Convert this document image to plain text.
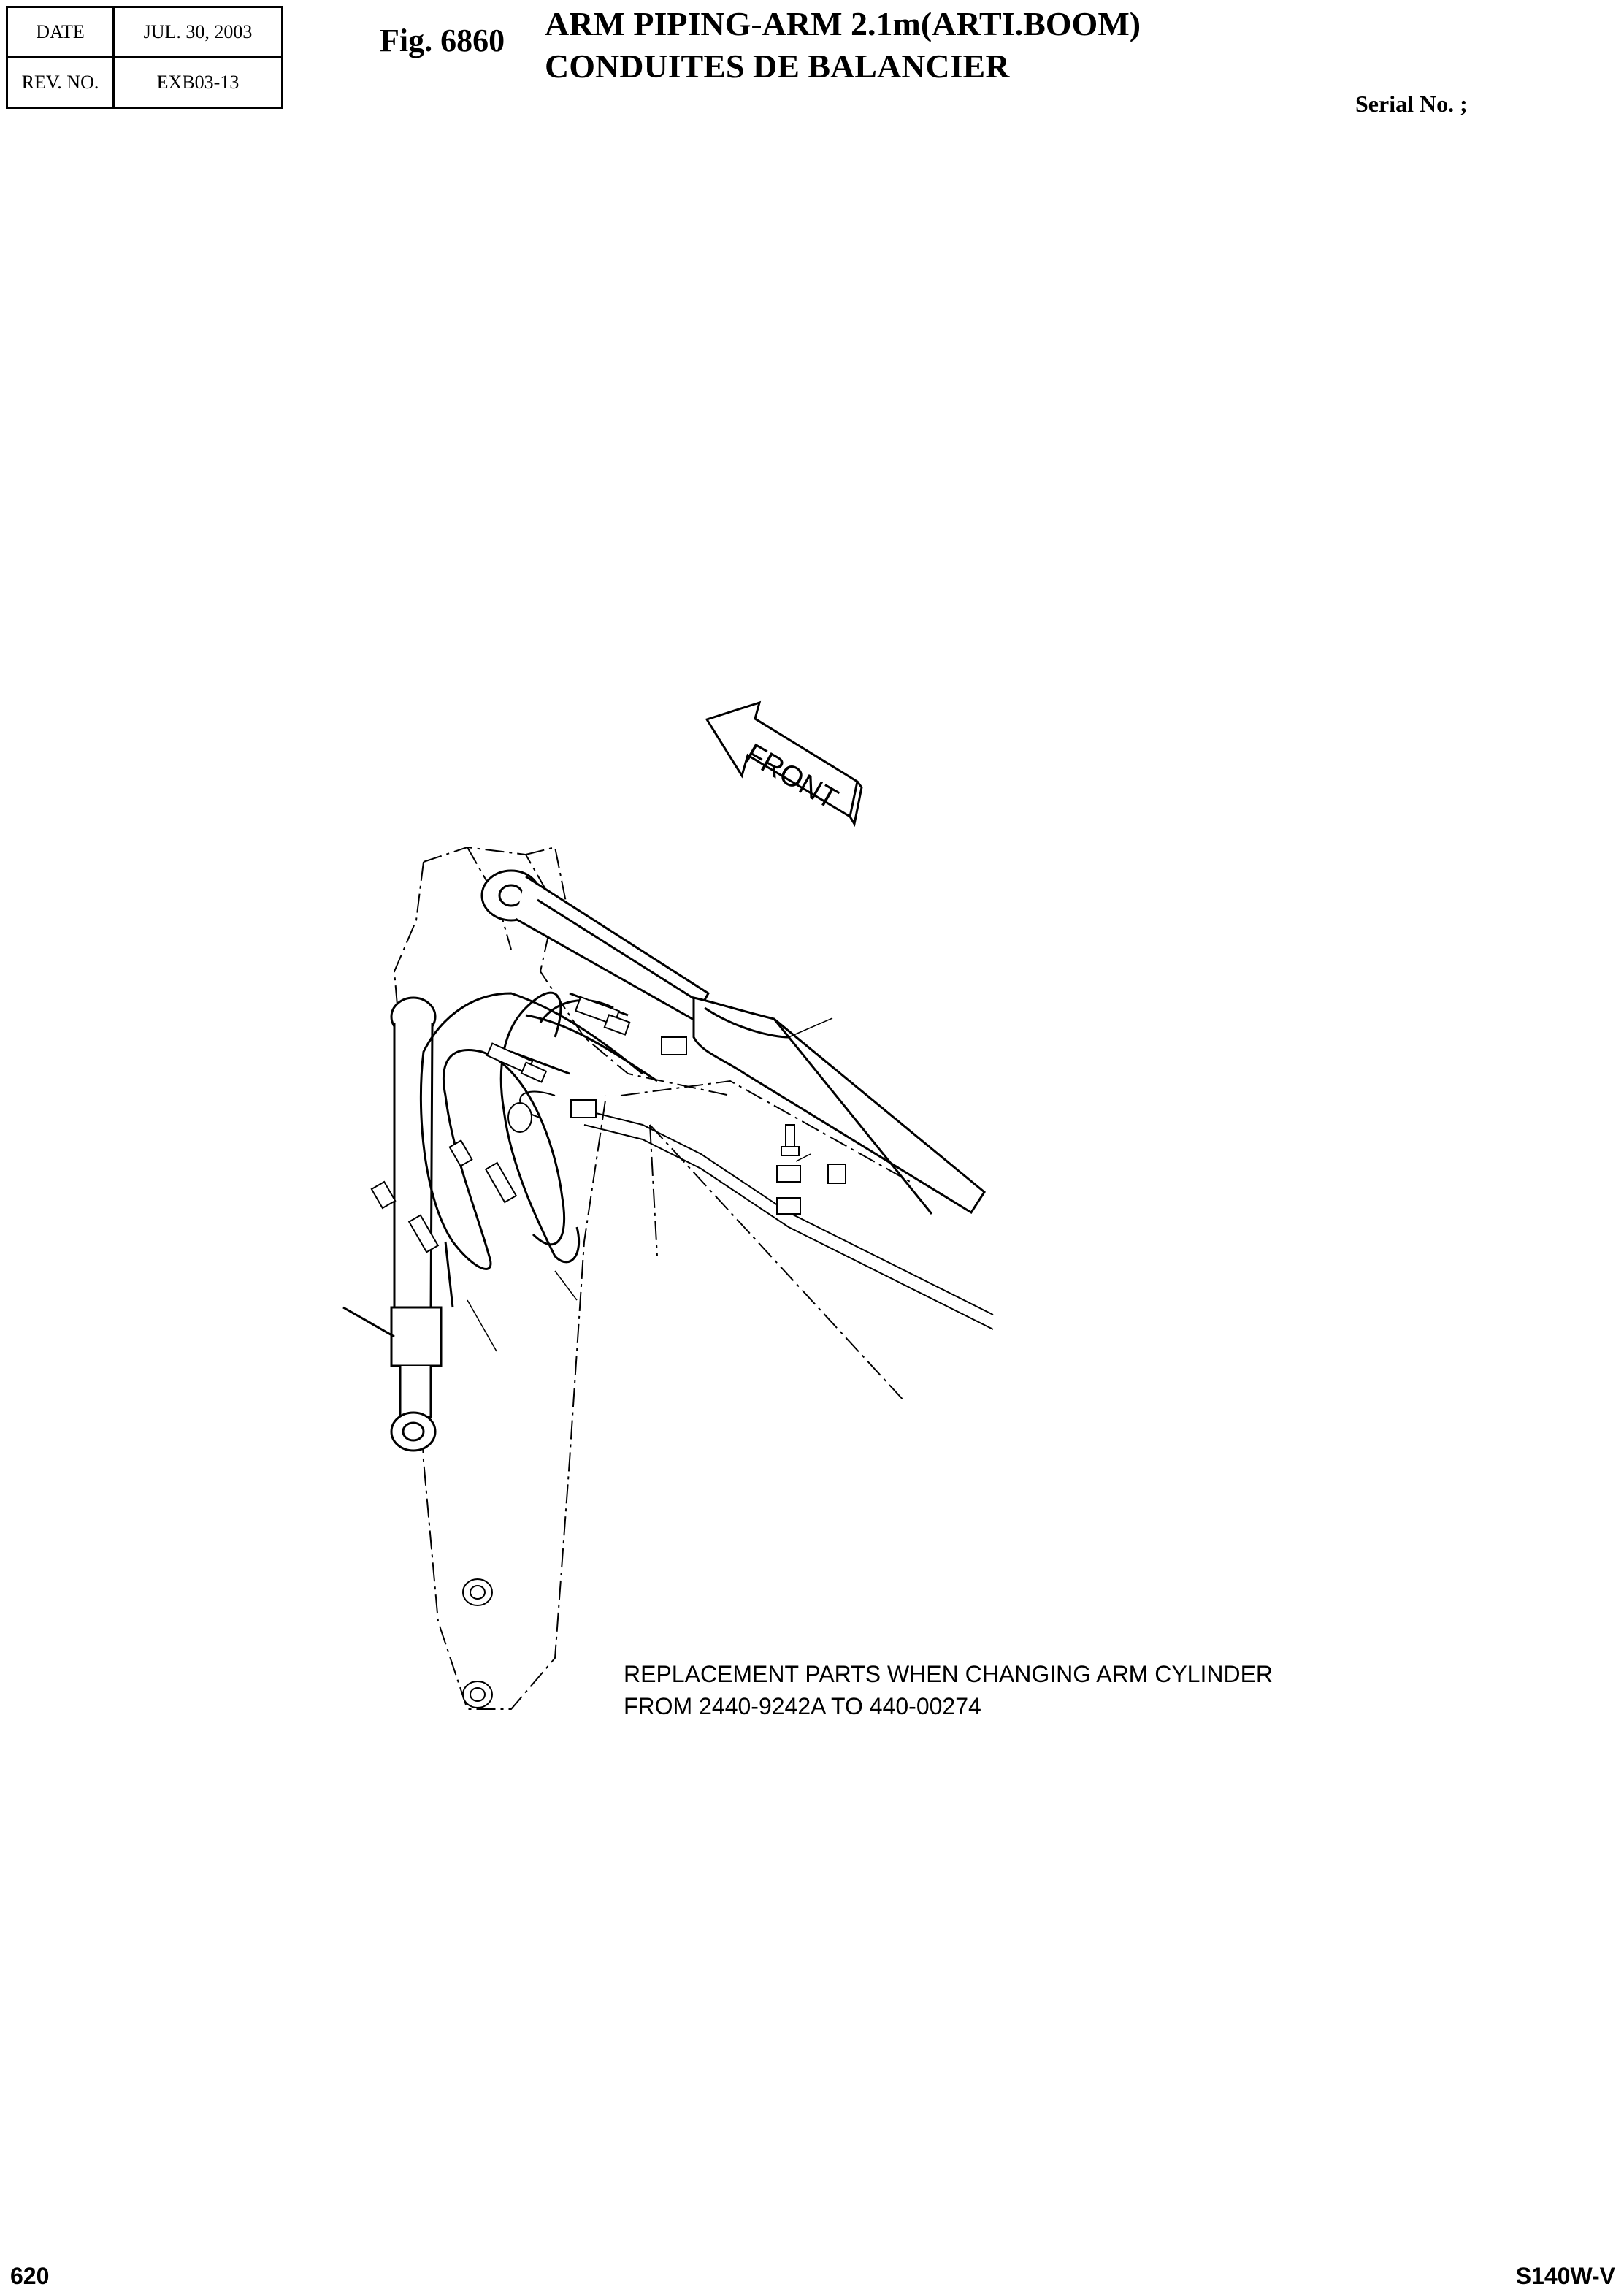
DATE	JUL. 30, 2003
REV. NO.	EXB03-13
Fig. 6860 ARM PIPING-ARM 2.1m(ARTI.BOOM)
CONDUITES DE BALANCIER
Serial No. ;
FRONT
REPLACEMENT PARTS WHEN CHANGING ARM CYLINDER
FROM 2440-9242A TO 440-00274
620	S140W-V
